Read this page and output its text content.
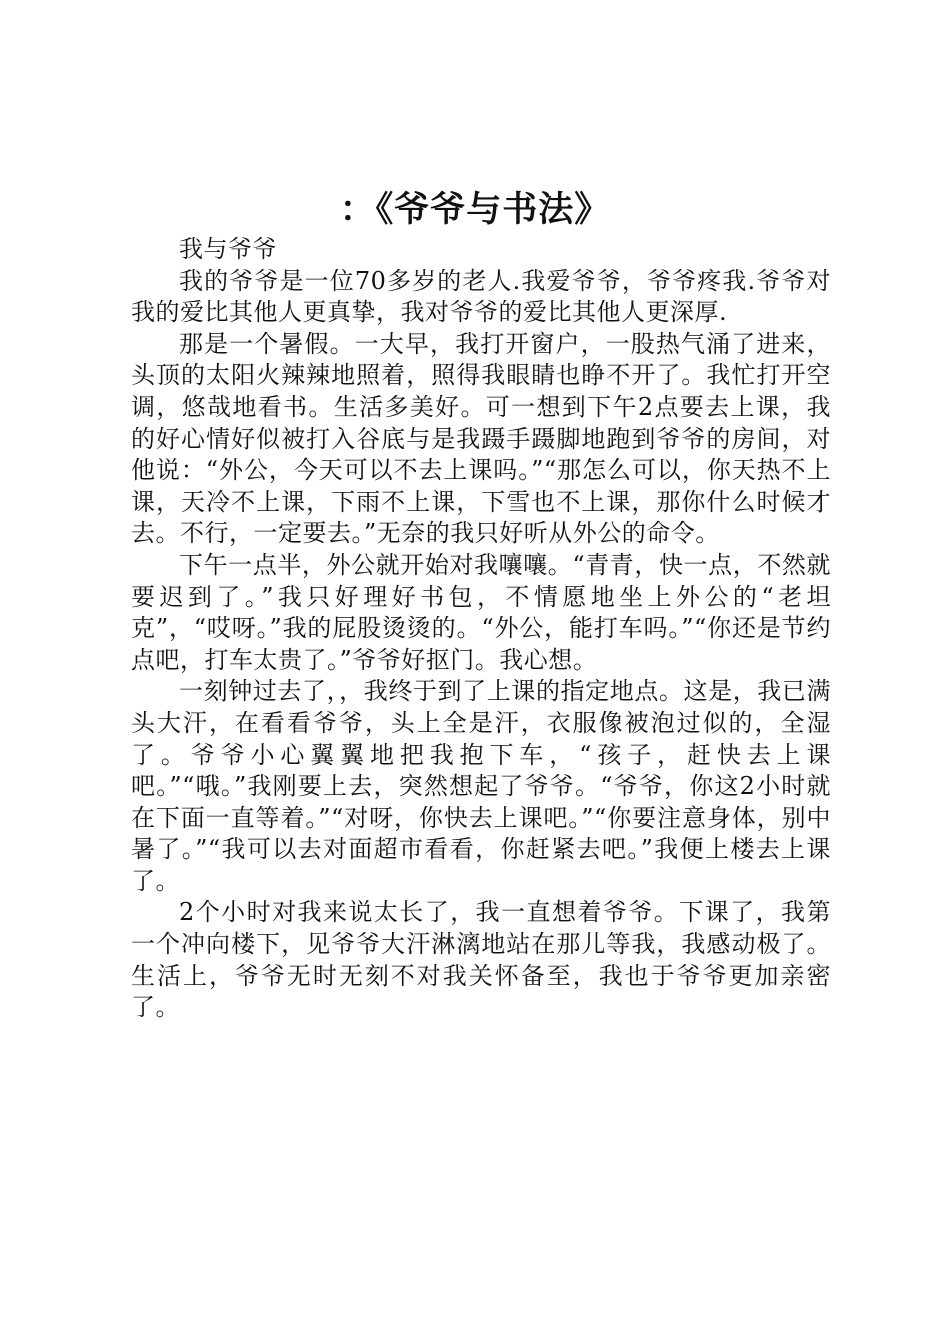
：《爷爷与书法》

我与爷爷

我的爷爷是一位70多岁的老人.我爱爷爷，爷爷疼我.爷爷对我的爱比其他人更真挚，我对爷爷的爱比其他人更深厚.

那是一个暑假。一大早，我打开窗户，一股热气涌了进来，头顶的太阳火辣辣地照着，照得我眼睛也睁不开了。我忙打开空调，悠哉地看书。生活多美好。可一想到下午2点要去上课，我的好心情好似被打入谷底与是我蹑手蹑脚地跑到爷爷的房间，对他说：“外公，今天可以不去上课吗。”“那怎么可以，你天热不上课，天冷不上课，下雨不上课，下雪也不上课，那你什么时候才去。不行，一定要去。”无奈的我只好听从外公的命令。

下午一点半，外公就开始对我嚷嚷。“青青，快一点，不然就要迟到了。”我只好理好书包，不情愿地坐上外公的“老坦克”，“哎呀。”我的屁股烫烫的。“外公，能打车吗。”“你还是节约点吧，打车太贵了。”爷爷好抠门。我心想。

一刻钟过去了，，我终于到了上课的指定地点。这是，我已满头大汗，在看看爷爷，头上全是汗，衣服像被泡过似的，全湿了。爷爷小心翼翼地把我抱下车，“孩子，赶快去上课吧。”“哦。”我刚要上去，突然想起了爷爷。“爷爷，你这2小时就在下面一直等着。”“对呀，你快去上课吧。”“你要注意身体，别中暑了。”“我可以去对面超市看看，你赶紧去吧。”我便上楼去上课了。

2个小时对我来说太长了，我一直想着爷爷。下课了，我第一个冲向楼下，见爷爷大汗淋漓地站在那儿等我，我感动极了。生活上，爷爷无时无刻不对我关怀备至，我也于爷爷更加亲密了。
